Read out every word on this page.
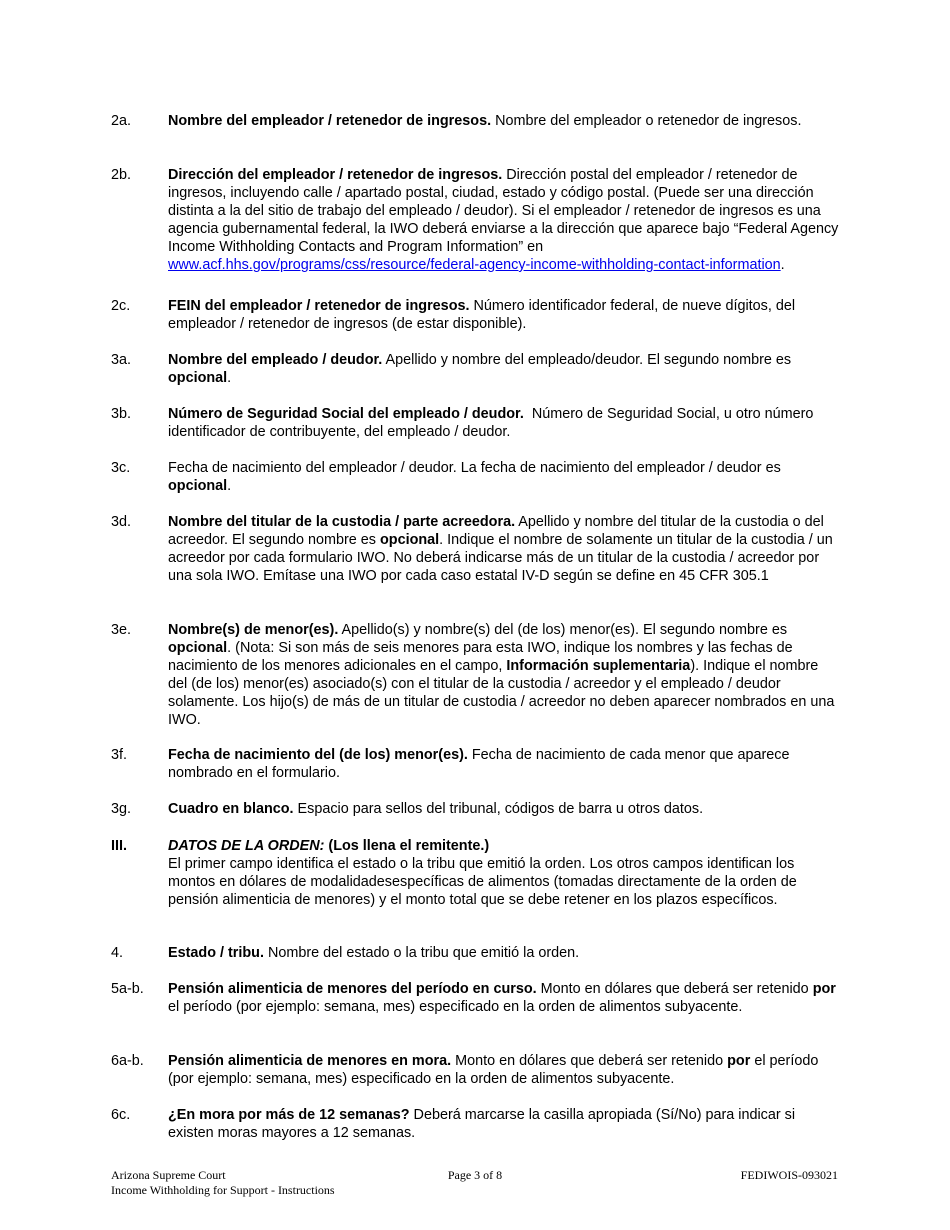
2a.	Nombre del empleador / retenedor de ingresos. Nombre del empleador o retenedor de ingresos.
2b.	Dirección del empleador / retenedor de ingresos. Dirección postal del empleador / retenedor de ingresos, incluyendo calle / apartado postal, ciudad, estado y código postal. (Puede ser una dirección distinta a la del sitio de trabajo del empleado / deudor). Si el empleador / retenedor de ingresos es una agencia gubernamental federal, la IWO deberá enviarse a la dirección que aparece bajo “Federal Agency Income Withholding Contacts and Program Information” en www.acf.hhs.gov/programs/css/resource/federal-agency-income-withholding-contact-information.
2c.	FEIN del empleador / retenedor de ingresos. Número identificador federal, de nueve dígitos, del empleador / retenedor de ingresos (de estar disponible).
3a.	Nombre del empleado / deudor. Apellido y nombre del empleado/deudor. El segundo nombre es opcional.
3b.	Número de Seguridad Social del empleado / deudor.  Número de Seguridad Social, u otro número identificador de contribuyente, del empleado / deudor.
3c.	Fecha de nacimiento del empleador / deudor. La fecha de nacimiento del empleador / deudor es opcional.
3d.	Nombre del titular de la custodia / parte acreedora. Apellido y nombre del titular de la custodia o del acreedor. El segundo nombre es opcional. Indique el nombre de solamente un titular de la custodia / un acreedor por cada formulario IWO. No deberá indicarse más de un titular de la custodia / acreedor por una sola IWO. Emítase una IWO por cada caso estatal IV-D según se define en 45 CFR 305.1
3e.	Nombre(s) de menor(es). Apellido(s) y nombre(s) del (de los) menor(es). El segundo nombre es opcional. (Nota: Si son más de seis menores para esta IWO, indique los nombres y las fechas de nacimiento de los menores adicionales en el campo, Información suplementaria). Indique el nombre del (de los) menor(es) asociado(s) con el titular de la custodia / acreedor y el empleado / deudor solamente. Los hijo(s) de más de un titular de custodia / acreedor no deben aparecer nombrados en una IWO.
3f.	Fecha de nacimiento del (de los) menor(es). Fecha de nacimiento de cada menor que aparece nombrado en el formulario.
3g.	Cuadro en blanco. Espacio para sellos del tribunal, códigos de barra u otros datos.
III.	DATOS DE LA ORDEN: (Los llena el remitente.)
El primer campo identifica el estado o la tribu que emitió la orden. Los otros campos identifican los montos en dólares de modalidadesespecíficas de alimentos (tomadas directamente de la orden de pensión alimenticia de menores) y el monto total que se debe retener en los plazos específicos.
4.	Estado / tribu. Nombre del estado o la tribu que emitió la orden.
5a-b.	Pensión alimenticia de menores del período en curso. Monto en dólares que deberá ser retenido por el período (por ejemplo: semana, mes) especificado en la orden de alimentos subyacente.
6a-b.	Pensión alimenticia de menores en mora. Monto en dólares que deberá ser retenido por el período (por ejemplo: semana, mes) especificado en la orden de alimentos subyacente.
6c.	¿En mora por más de 12 semanas? Deberá marcarse la casilla apropiada (Sí/No) para indicar si existen moras mayores a 12 semanas.
Arizona Supreme Court
Income Withholding for Support - Instructions
Page 3 of 8	FEDIWOIS-093021
